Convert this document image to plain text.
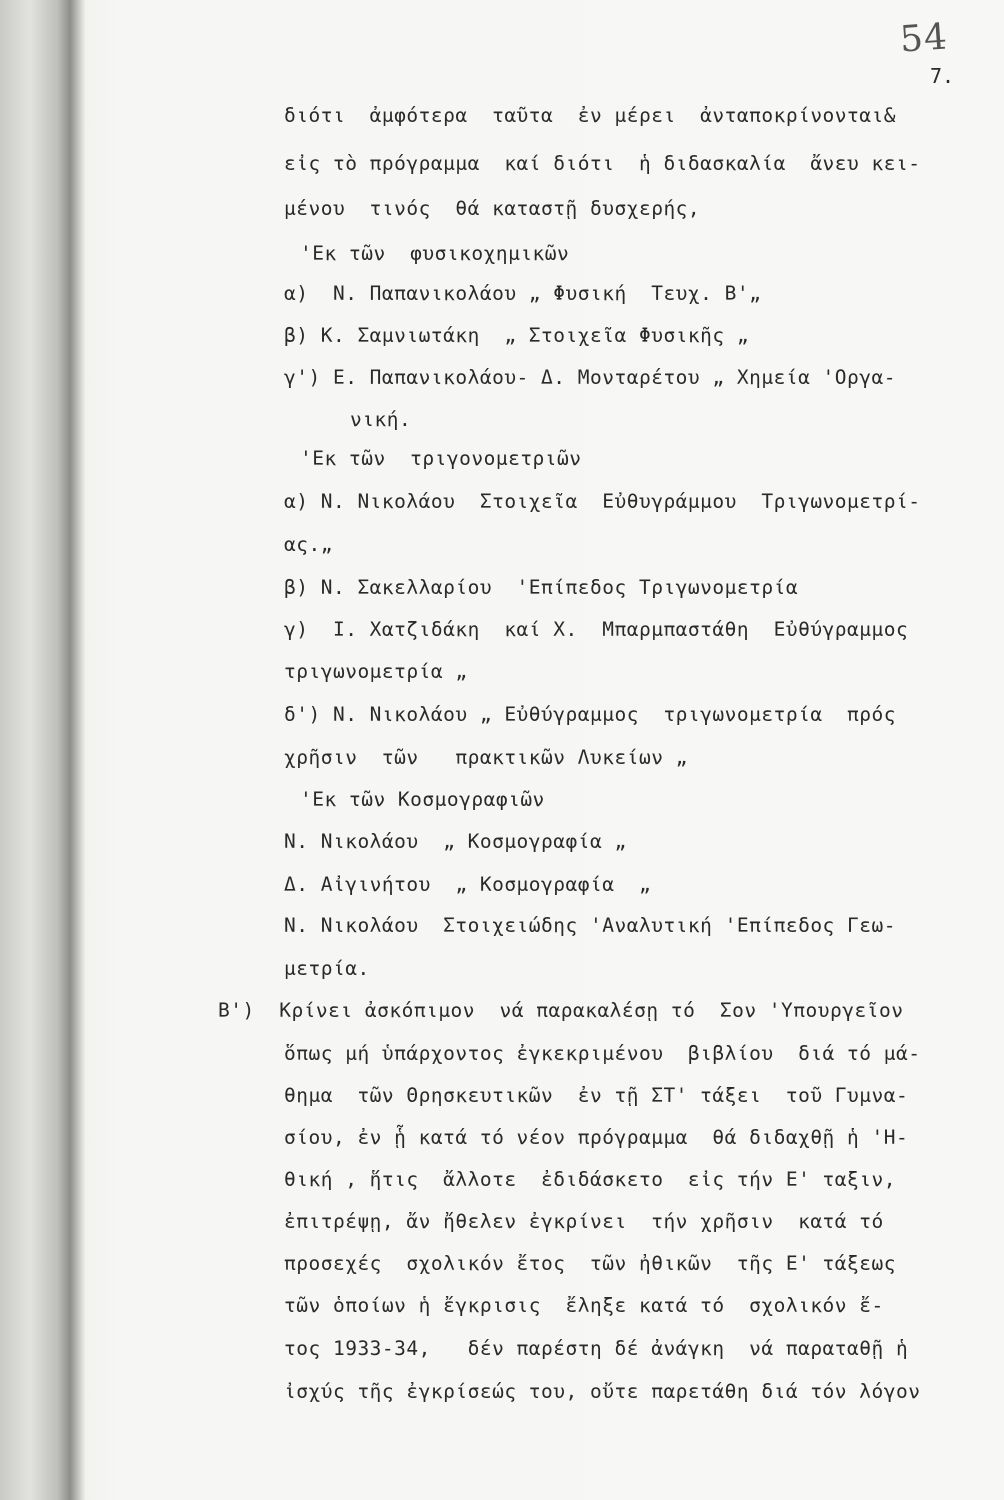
54
7.
διότι  ἀμφότερα  ταῦτα  ἐν μέρει  ἀνταποκρίνονται&
εἰς τὸ πρόγραμμα  καί διότι  ἡ διδασκαλία  ἄνευ κει-
μένου  τινός  θά καταστῇ δυσχερής,
'Εκ τῶν  φυσικοχημικῶν
α)  Ν. Παπανικολάου „ Φυσική  Τευχ. Β'„
β) Κ. Σαμνιωτάκη  „ Στοιχεῖα Φυσικῆς „
γ') Ε. Παπανικολάου- Δ. Μονταρέτου „ Χημεία 'Οργα-
νική.
'Εκ τῶν  τριγονομετριῶν
α) Ν. Νικολάου  Στοιχεῖα  Εὐθυγράμμου  Τριγωνομετρί-
ας.„
β) Ν. Σακελλαρίου  'Επίπεδος Τριγωνομετρία
γ)  Ι. Χατζιδάκη  καί Χ.  Μπαρμπαστάθη  Εὐθύγραμμος
τριγωνομετρία „
δ') Ν. Νικολάου „ Εὐθύγραμμος  τριγωνομετρία  πρός
χρῆσιν  τῶν   πρακτικῶν Λυκείων „
'Εκ τῶν Κοσμογραφιῶν
Ν. Νικολάου  „ Κοσμογραφία „
Δ. Αἰγινήτου  „ Κοσμογραφία  „
Ν. Νικολάου  Στοιχειώδης 'Αναλυτική 'Επίπεδος Γεω-
μετρία.
Β')  Κρίνει ἀσκόπιμον  νά παρακαλέσῃ τό  Σον 'Υπουργεῖον
ὅπως μή ὑπάρχοντος ἐγκεκριμένου  βιβλίου  διά τό μά-
θημα  τῶν Θρησκευτικῶν  ἐν τῇ ΣΤ' τάξει  τοῦ Γυμνα-
σίου, ἐν ᾗ κατά τό νέον πρόγραμμα  θά διδαχθῇ ἡ 'Η-
θική , ἥτις  ἄλλοτε  ἐδιδάσκετο  εἰς τήν Ε' ταξιν,
ἐπιτρέψῃ, ἄν ἤθελεν ἐγκρίνει  τήν χρῆσιν  κατά τό
προσεχές  σχολικόν ἔτος  τῶν ἠθικῶν  τῆς Ε' τάξεως
τῶν ὁποίων ἡ ἔγκρισις  ἔληξε κατά τό  σχολικόν ἔ-
τος 1933-34,   δέν παρέστη δέ ἀνάγκη  νά παραταθῇ ἡ
ἰσχύς τῆς ἐγκρίσεώς του, οὔτε παρετάθη διά τόν λόγον
